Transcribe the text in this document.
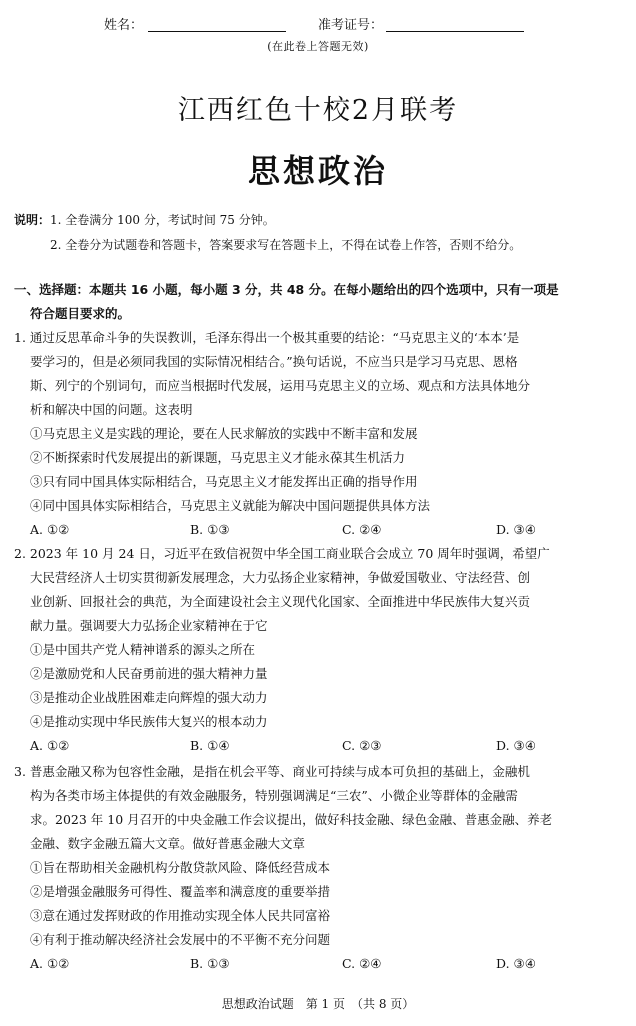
姓名：	准考证号：
(在此卷上答题无效)
江西红色十校2月联考
思想政治
说明：1. 全卷满分 100 分，考试时间 75 分钟。
2. 全卷分为试题卷和答题卡，答案要求写在答题卡上，不得在试卷上作答，否则不给分。
一、选择题：本题共 16 小题，每小题 3 分，共 48 分。在每小题给出的四个选项中，只有一项是
符合题目要求的。
1. 通过反思革命斗争的失误教训，毛泽东得出一个极其重要的结论：“马克思主义的‘本本’是
要学习的，但是必须同我国的实际情况相结合。”换句话说，不应当只是学习马克思、恩格
斯、列宁的个别词句，而应当根据时代发展，运用马克思主义的立场、观点和方法具体地分
析和解决中国的问题。这表明
①马克思主义是实践的理论，要在人民求解放的实践中不断丰富和发展
②不断探索时代发展提出的新课题，马克思主义才能永葆其生机活力
③只有同中国具体实际相结合，马克思主义才能发挥出正确的指导作用
④同中国具体实际相结合，马克思主义就能为解决中国问题提供具体方法
A. ①②	B. ①③	C. ②④	D. ③④
2. 2023 年 10 月 24 日，习近平在致信祝贺中华全国工商业联合会成立 70 周年时强调，希望广
大民营经济人士切实贯彻新发展理念，大力弘扬企业家精神，争做爱国敬业、守法经营、创
业创新、回报社会的典范，为全面建设社会主义现代化国家、全面推进中华民族伟大复兴贡
献力量。强调要大力弘扬企业家精神在于它
①是中国共产党人精神谱系的源头之所在
②是激励党和人民奋勇前进的强大精神力量
③是推动企业战胜困难走向辉煌的强大动力
④是推动实现中华民族伟大复兴的根本动力
A. ①②	B. ①④	C. ②③	D. ③④
3. 普惠金融又称为包容性金融，是指在机会平等、商业可持续与成本可负担的基础上，金融机
构为各类市场主体提供的有效金融服务，特别强调满足“三农”、小微企业等群体的金融需
求。2023 年 10 月召开的中央金融工作会议提出，做好科技金融、绿色金融、普惠金融、养老
金融、数字金融五篇大文章。做好普惠金融大文章
①旨在帮助相关金融机构分散贷款风险、降低经营成本
②是增强金融服务可得性、覆盖率和满意度的重要举措
③意在通过发挥财政的作用推动实现全体人民共同富裕
④有利于推动解决经济社会发展中的不平衡不充分问题
A. ①②	B. ①③	C. ②④	D. ③④
思想政治试题　第 1 页　（共 8 页）
